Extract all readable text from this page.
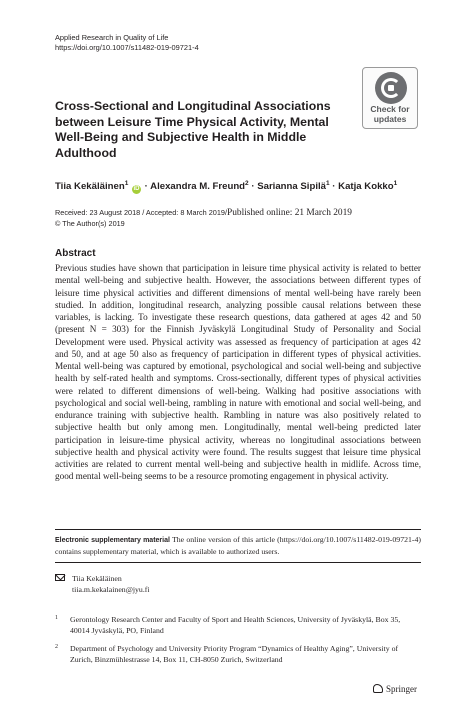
Applied Research in Quality of Life
https://doi.org/10.1007/s11482-019-09721-4
Check for
updates
Cross-Sectional and Longitudinal Associations between Leisure Time Physical Activity, Mental Well-Being and Subjective Health in Middle Adulthood
Tiia Kekäläinen$^1$ iD · Alexandra M. Freund$^2$ · Sarianna Sipilä$^1$ · Katja Kokko$^1$
Received: 23 August 2018 / Accepted: 8 March 2019/Published online: 21 March 2019
© The Author(s) 2019
Abstract
Previous studies have shown that participation in leisure time physical activity is related to better mental well-being and subjective health. However, the associations between different types of leisure time physical activities and different dimensions of mental well-being have rarely been studied. In addition, longitudinal research, analyzing possible causal relations between these variables, is lacking. To investigate these research questions, data gathered at ages 42 and 50 (present N = 303) for the Finnish Jyväskylä Longitudinal Study of Personality and Social Development were used. Physical activity was assessed as frequency of participation at ages 42 and 50, and at age 50 also as frequency of participation in different types of physical activities. Mental well-being was captured by emotional, psychological and social well-being and subjective health by self-rated health and symptoms. Cross-sectionally, different types of physical activities were related to different dimensions of well-being. Walking had positive associations with psychological and social well-being, rambling in nature with emotional and social well-being, and endurance training with subjective health. Rambling in nature was also positively related to subjective health but only among men. Longitudinally, mental well-being predicted later participation in leisure-time physical activity, whereas no longitudinal associations between subjective health and physical activity were found. The results suggest that leisure time physical activities are related to current mental well-being and subjective health in midlife. Across time, good mental well-being seems to be a resource promoting engagement in physical activity.
Electronic supplementary material The online version of this article (https://doi.org/10.1007/s11482-019-09721-4) contains supplementary material, which is available to authorized users.
Tiia Kekäläinen
tiia.m.kekalainen@jyu.fi
1	Gerontology Research Center and Faculty of Sport and Health Sciences, University of Jyväskylä, Box 35, 40014 Jyväskylä, PO, Finland
2	Department of Psychology and University Priority Program “Dynamics of Healthy Aging”, University of Zurich, Binzmühlestrasse 14, Box 11, CH-8050 Zurich, Switzerland
Springer
